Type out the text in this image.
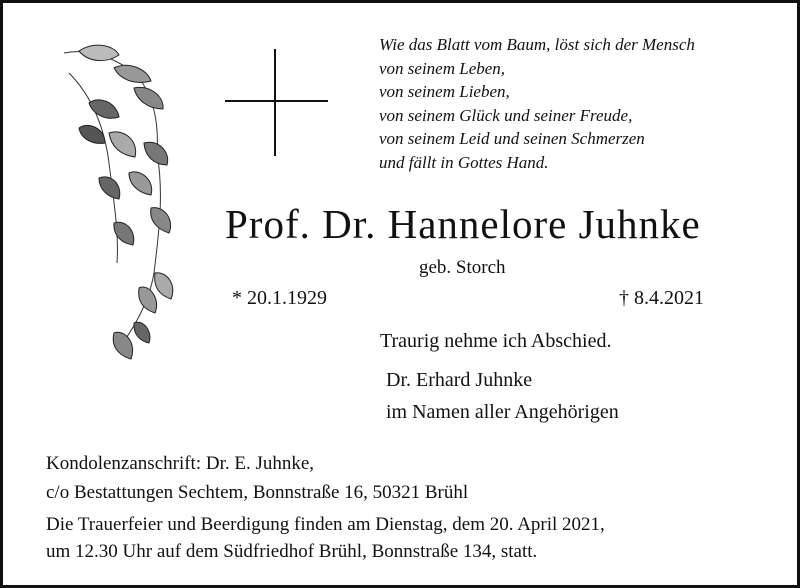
Wie das Blatt vom Baum, löst sich der Mensch
von seinem Leben,
von seinem Lieben,
von seinem Glück und seiner Freude,
von seinem Leid und seinen Schmerzen
und fällt in Gottes Hand.
Prof. Dr. Hannelore Juhnke
geb. Storch
* 20.1.1929	† 8.4.2021
Traurig nehme ich Abschied.
Dr. Erhard Juhnke
im Namen aller Angehörigen
Kondolenzanschrift: Dr. E. Juhnke,
c/o Bestattungen Sechtem, Bonnstraße 16, 50321 Brühl
Die Trauerfeier und Beerdigung finden am Dienstag, dem 20. April 2021,
um 12.30 Uhr auf dem Südfriedhof Brühl, Bonnstraße 134, statt.
